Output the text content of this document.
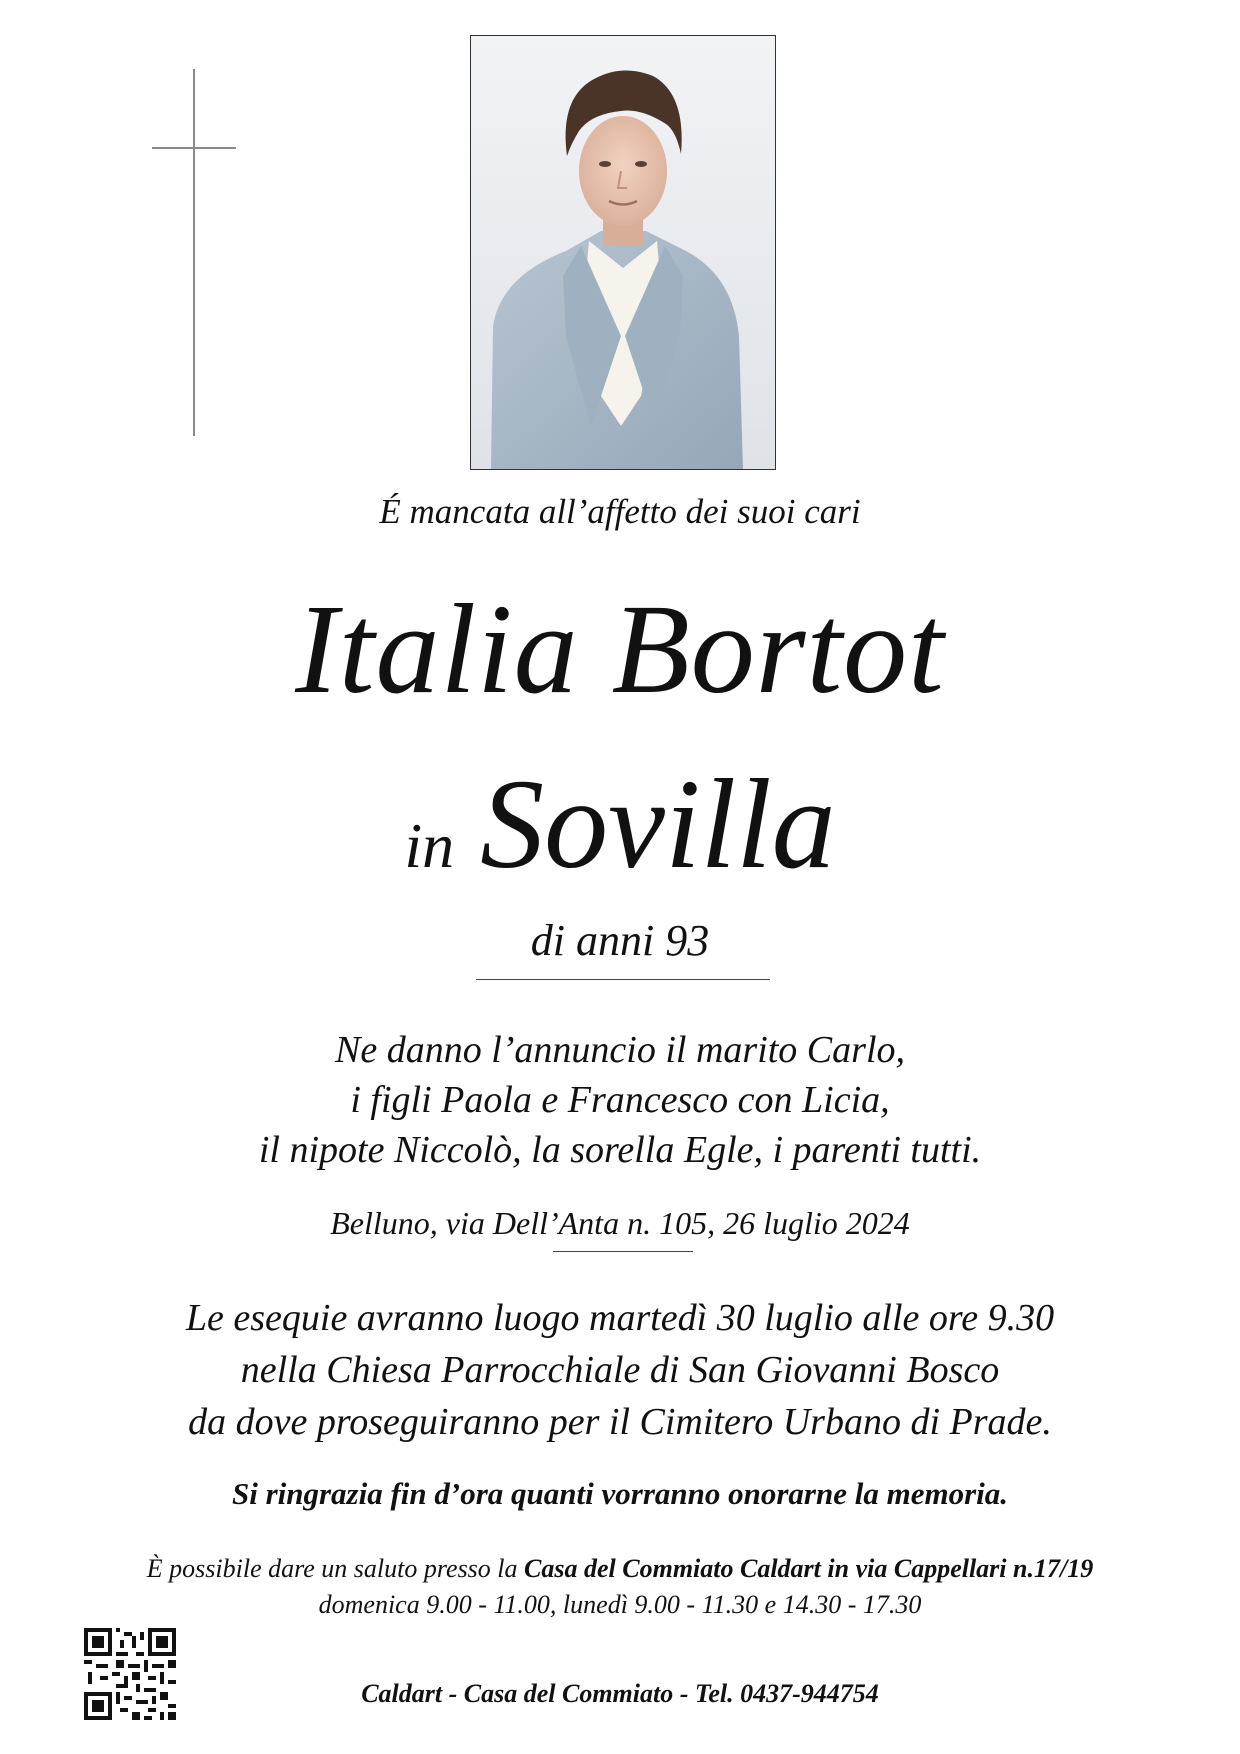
É mancata all’affetto dei suoi cari
Italia Bortot
in Sovilla
di anni 93
Ne danno l’annuncio il marito Carlo,
i figli Paola e Francesco con Licia,
il nipote Niccolò, la sorella Egle, i parenti tutti.
Belluno, via Dell’Anta n. 105, 26 luglio 2024
Le esequie avranno luogo martedì 30 luglio alle ore 9.30
nella Chiesa Parrocchiale di San Giovanni Bosco
da dove proseguiranno per il Cimitero Urbano di Prade.
Si ringrazia fin d’ora quanti vorranno onorarne la memoria.
È possibile dare un saluto presso la Casa del Commiato Caldart in via Cappellari n.17/19
domenica 9.00 - 11.00, lunedì 9.00 - 11.30 e 14.30 - 17.30
Caldart - Casa del Commiato - Tel. 0437-944754
